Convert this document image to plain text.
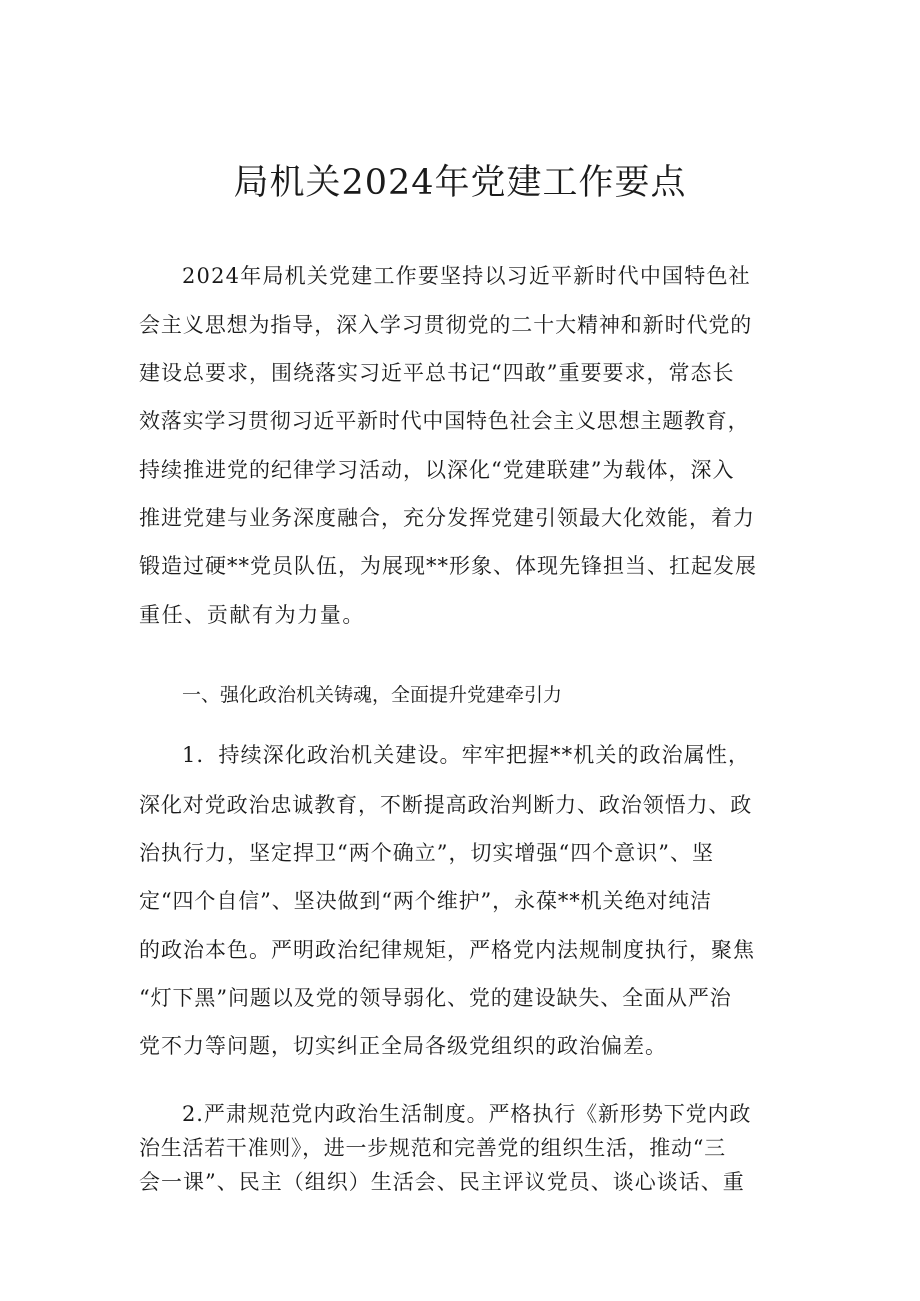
局机关2024年党建工作要点
2024年局机关党建工作要坚持以习近平新时代中国特色社
会主义思想为指导，深入学习贯彻党的二十大精神和新时代党的
建设总要求，围绕落实习近平总书记“四敢”重要要求，常态长
效落实学习贯彻习近平新时代中国特色社会主义思想主题教育，
持续推进党的纪律学习活动，以深化“党建联建”为载体，深入
推进党建与业务深度融合，充分发挥党建引领最大化效能，着力
锻造过硬**党员队伍，为展现**形象、体现先锋担当、扛起发展
重任、贡献有为力量。
一、强化政治机关铸魂，全面提升党建牵引力
1．持续深化政治机关建设。牢牢把握**机关的政治属性，
深化对党政治忠诚教育，不断提高政治判断力、政治领悟力、政
治执行力，坚定捍卫“两个确立”，切实增强“四个意识”、坚
定“四个自信”、坚决做到“两个维护”，永葆**机关绝对纯洁
的政治本色。严明政治纪律规矩，严格党内法规制度执行，聚焦
“灯下黑”问题以及党的领导弱化、党的建设缺失、全面从严治
党不力等问题，切实纠正全局各级党组织的政治偏差。
2.严肃规范党内政治生活制度。严格执行《新形势下党内政
治生活若干准则》，进一步规范和完善党的组织生活，推动“三
会一课”、民主（组织）生活会、民主评议党员、谈心谈话、重
